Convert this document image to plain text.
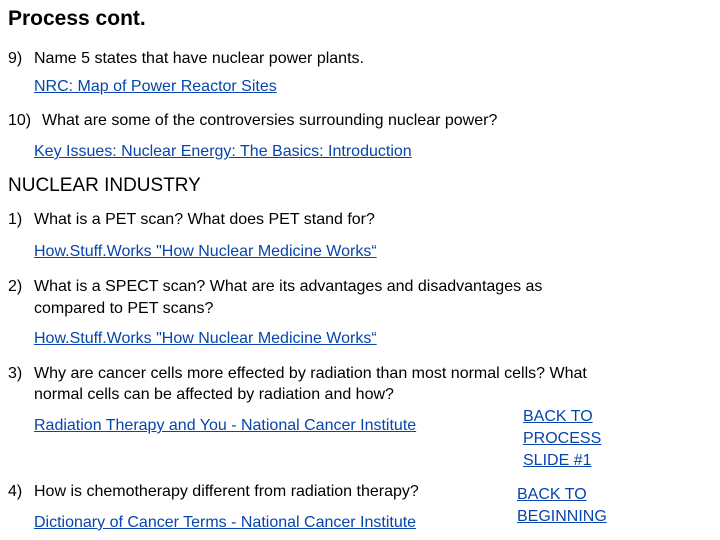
Process cont.
9) Name 5 states that have nuclear power plants.
NRC: Map of Power Reactor Sites
10) What are some of the controversies surrounding nuclear power?
Key Issues: Nuclear Energy: The Basics: Introduction
NUCLEAR INDUSTRY
1) What is a PET scan? What does PET stand for?
How.Stuff.Works "How Nuclear Medicine Works“
2) What is a SPECT scan? What are its advantages and disadvantages as
compared to PET scans?
How.Stuff.Works "How Nuclear Medicine Works“
3) Why are cancer cells more effected by radiation than most normal cells? What
normal cells can be affected by radiation and how?
Radiation Therapy and You - National Cancer Institute
BACK TO
PROCESS
SLIDE #1
4) How is chemotherapy different from radiation therapy?
Dictionary of Cancer Terms - National Cancer Institute
BACK TO
BEGINNING
